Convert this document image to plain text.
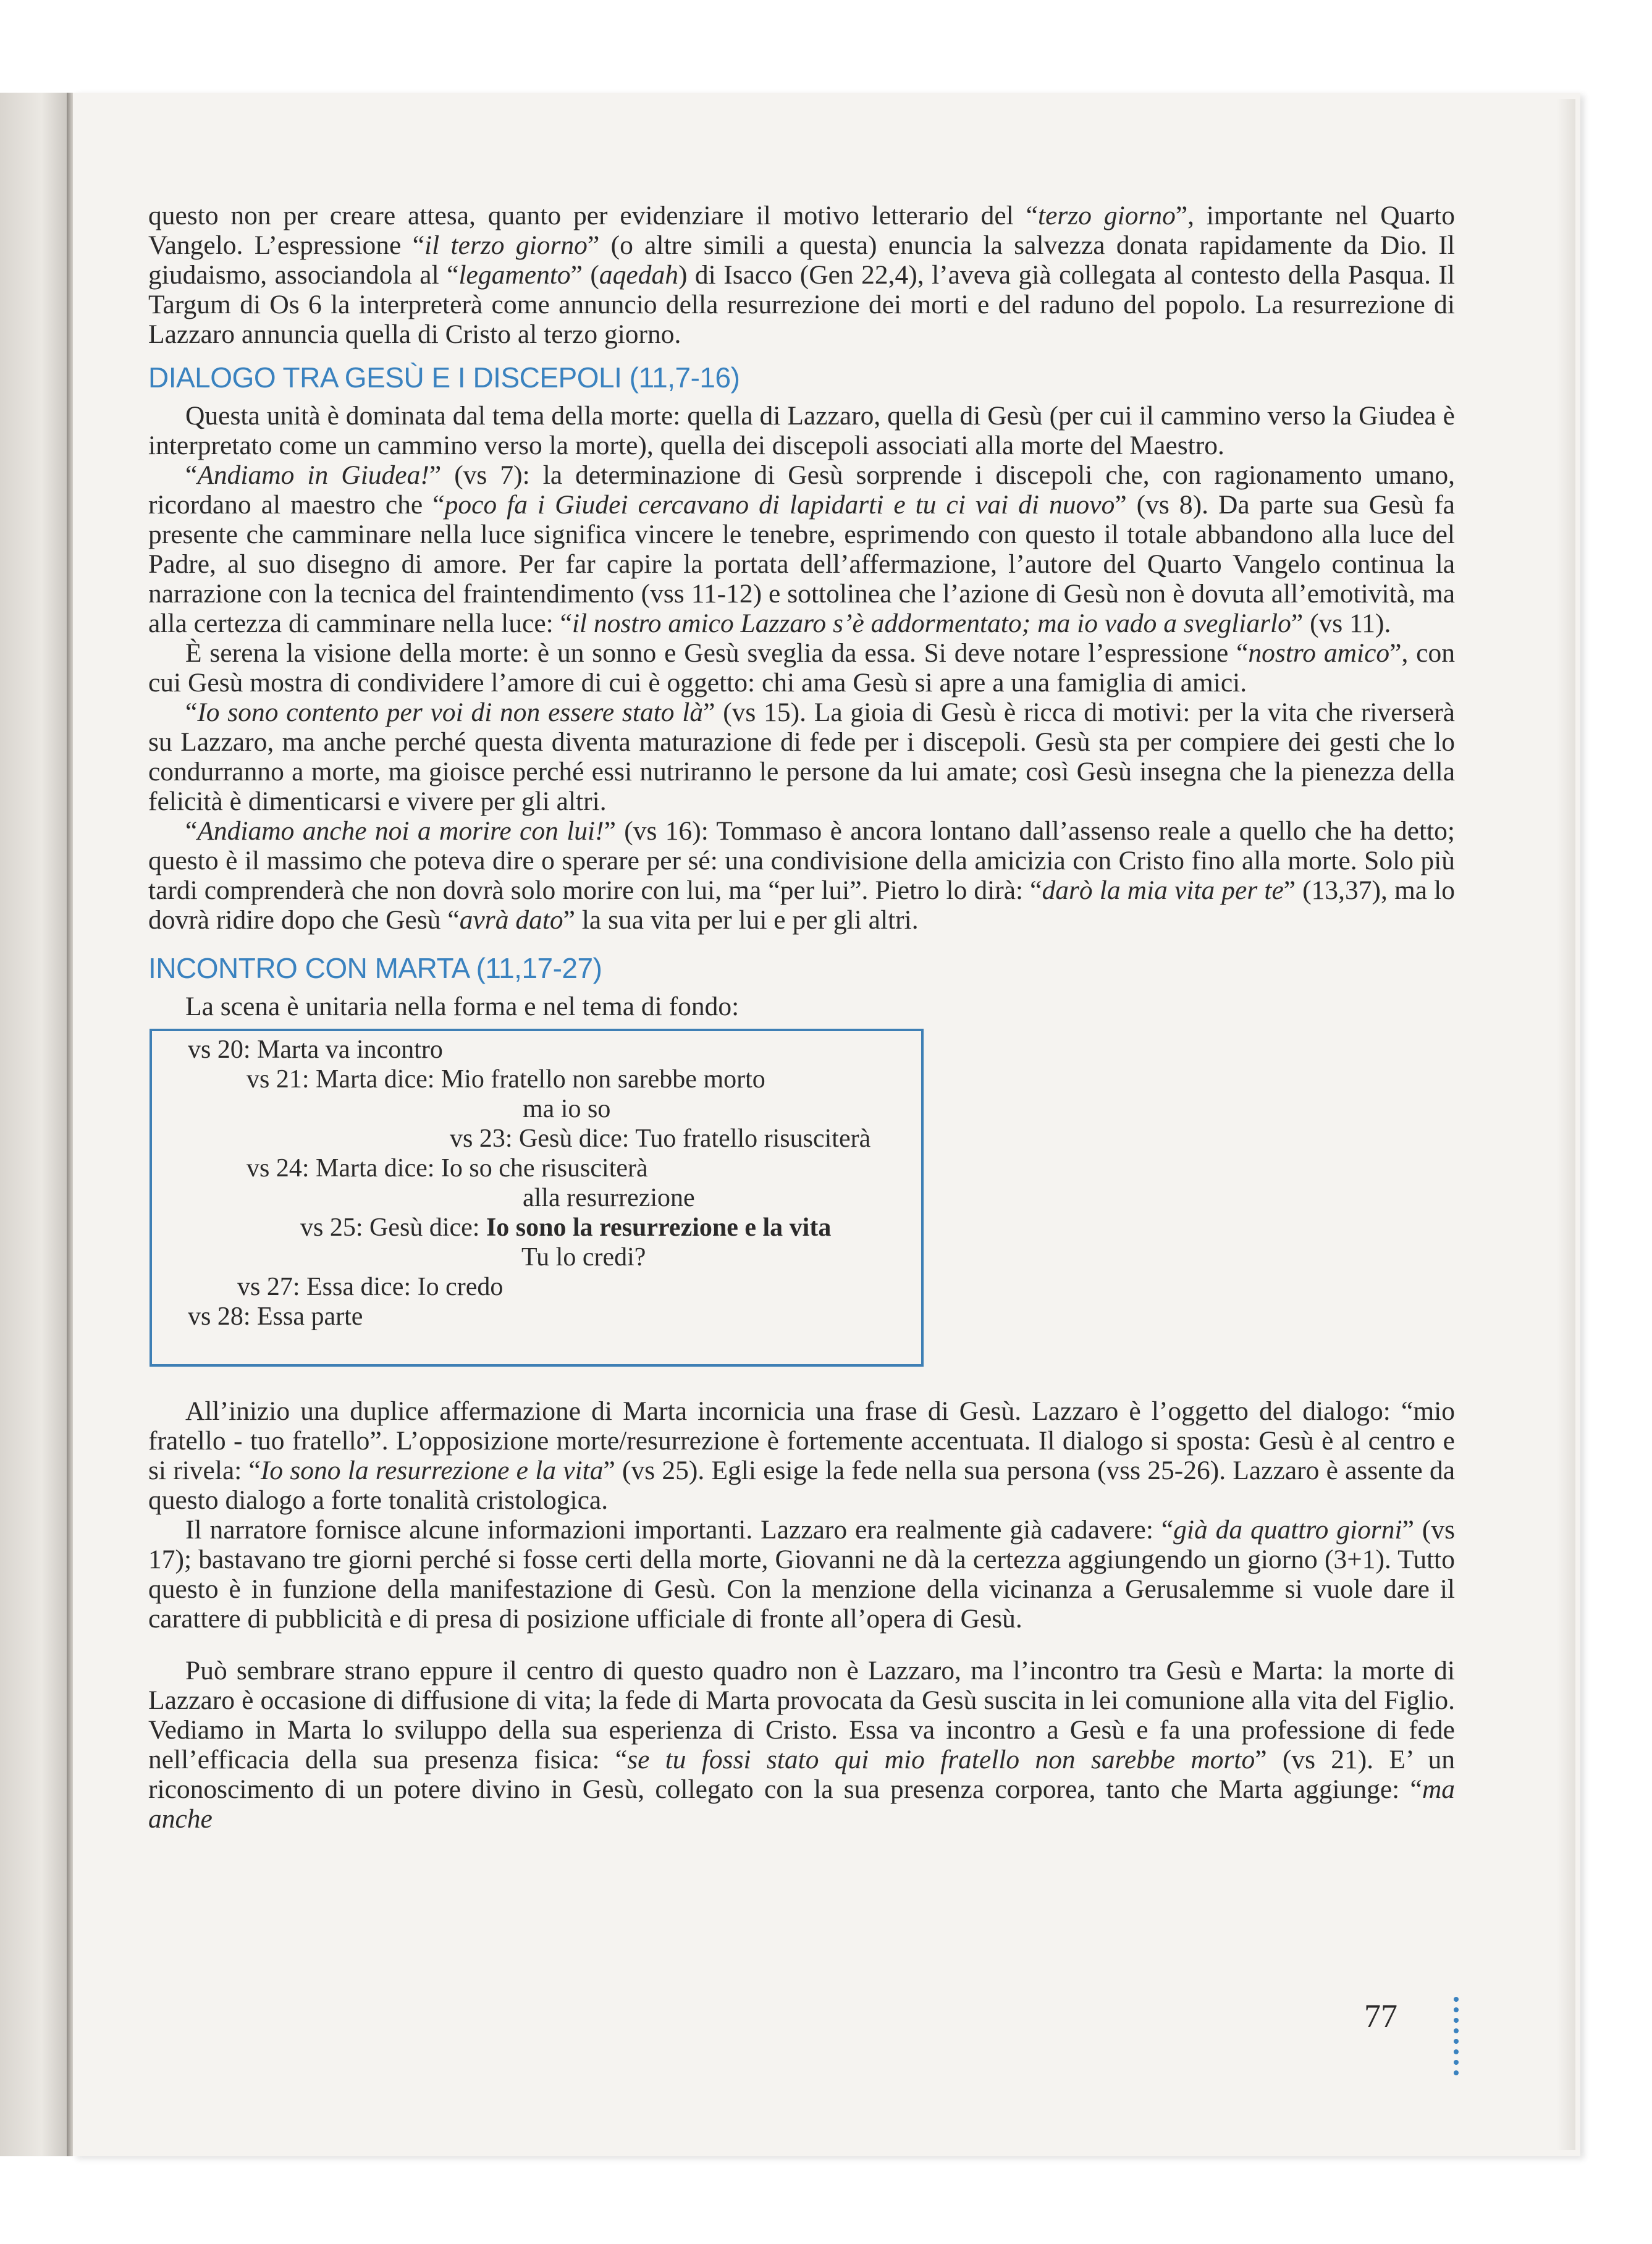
questo non per creare attesa, quanto per evidenziare il motivo letterario del “terzo giorno”, importante nel Quarto Vangelo. L’espressione “il terzo giorno” (o altre simili a questa) enuncia la salvezza donata rapidamente da Dio. Il giudaismo, associandola al “legamento” (aqedah) di Isacco (Gen 22,4), l’aveva già collegata al contesto della Pasqua. Il Targum di Os 6 la interpreterà come annuncio della resurrezione dei morti e del raduno del popolo. La resurrezione di Lazzaro annuncia quella di Cristo al terzo giorno.

DIALOGO TRA GESÙ E I DISCEPOLI (11,7-16)

Questa unità è dominata dal tema della morte: quella di Lazzaro, quella di Gesù (per cui il cammino verso la Giudea è interpretato come un cammino verso la morte), quella dei discepoli associati alla morte del Maestro.

“Andiamo in Giudea!” (vs 7): la determinazione di Gesù sorprende i discepoli che, con ragionamento umano, ricordano al maestro che “poco fa i Giudei cercavano di lapidarti e tu ci vai di nuovo” (vs 8). Da parte sua Gesù fa presente che camminare nella luce significa vincere le tenebre, esprimendo con questo il totale abbandono alla luce del Padre, al suo disegno di amore. Per far capire la portata dell’affermazione, l’autore del Quarto Vangelo continua la narrazione con la tecnica del fraintendimento (vss 11-12) e sottolinea che l’azione di Gesù non è dovuta all’emotività, ma alla certezza di camminare nella luce: “il nostro amico Lazzaro s’è addormentato; ma io vado a svegliarlo” (vs 11).

È serena la visione della morte: è un sonno e Gesù sveglia da essa. Si deve notare l’espressione “nostro amico”, con cui Gesù mostra di condividere l’amore di cui è oggetto: chi ama Gesù si apre a una famiglia di amici.

“Io sono contento per voi di non essere stato là” (vs 15). La gioia di Gesù è ricca di motivi: per la vita che riverserà su Lazzaro, ma anche perché questa diventa maturazione di fede per i discepoli. Gesù sta per compiere dei gesti che lo condurranno a morte, ma gioisce perché essi nutriranno le persone da lui amate; così Gesù insegna che la pienezza della felicità è dimenticarsi e vivere per gli altri.

“Andiamo anche noi a morire con lui!” (vs 16): Tommaso è ancora lontano dall’assenso reale a quello che ha detto; questo è il massimo che poteva dire o sperare per sé: una condivisione della amicizia con Cristo fino alla morte. Solo più tardi comprenderà che non dovrà solo morire con lui, ma “per lui”. Pietro lo dirà: “darò la mia vita per te” (13,37), ma lo dovrà ridire dopo che Gesù “avrà dato” la sua vita per lui e per gli altri.

INCONTRO CON MARTA (11,17-27)

La scena è unitaria nella forma e nel tema di fondo:

vs 20: Marta va incontro
vs 21: Marta dice: Mio fratello non sarebbe morto
ma io so
vs 23: Gesù dice: Tuo fratello risusciterà
vs 24: Marta dice: Io so che risusciterà
alla resurrezione
vs 25: Gesù dice: Io sono la resurrezione e la vita
Tu lo credi?
vs 27: Essa dice: Io credo
vs 28: Essa parte

All’inizio una duplice affermazione di Marta incornicia una frase di Gesù. Lazzaro è l’oggetto del dialogo: “mio fratello - tuo fratello”. L’opposizione morte/resurrezione è fortemente accentuata. Il dialogo si sposta: Gesù è al centro e si rivela: “Io sono la resurrezione e la vita” (vs 25). Egli esige la fede nella sua persona (vss 25-26). Lazzaro è assente da questo dialogo a forte tonalità cristologica.

Il narratore fornisce alcune informazioni importanti. Lazzaro era realmente già cadavere: “già da quattro giorni” (vs 17); bastavano tre giorni perché si fosse certi della morte, Giovanni ne dà la certezza aggiungendo un giorno (3+1). Tutto questo è in funzione della manifestazione di Gesù. Con la menzione della vicinanza a Gerusalemme si vuole dare il carattere di pubblicità e di presa di posizione ufficiale di fronte all’opera di Gesù.

Può sembrare strano eppure il centro di questo quadro non è Lazzaro, ma l’incontro tra Gesù e Marta: la morte di Lazzaro è occasione di diffusione di vita; la fede di Marta provocata da Gesù suscita in lei comunione alla vita del Figlio. Vediamo in Marta lo sviluppo della sua esperienza di Cristo. Essa va incontro a Gesù e fa una professione di fede nell’efficacia della sua presenza fisica: “se tu fossi stato qui mio fratello non sarebbe morto” (vs 21). E’ un riconoscimento di un potere divino in Gesù, collegato con la sua presenza corporea, tanto che Marta aggiunge: “ma anche

77
